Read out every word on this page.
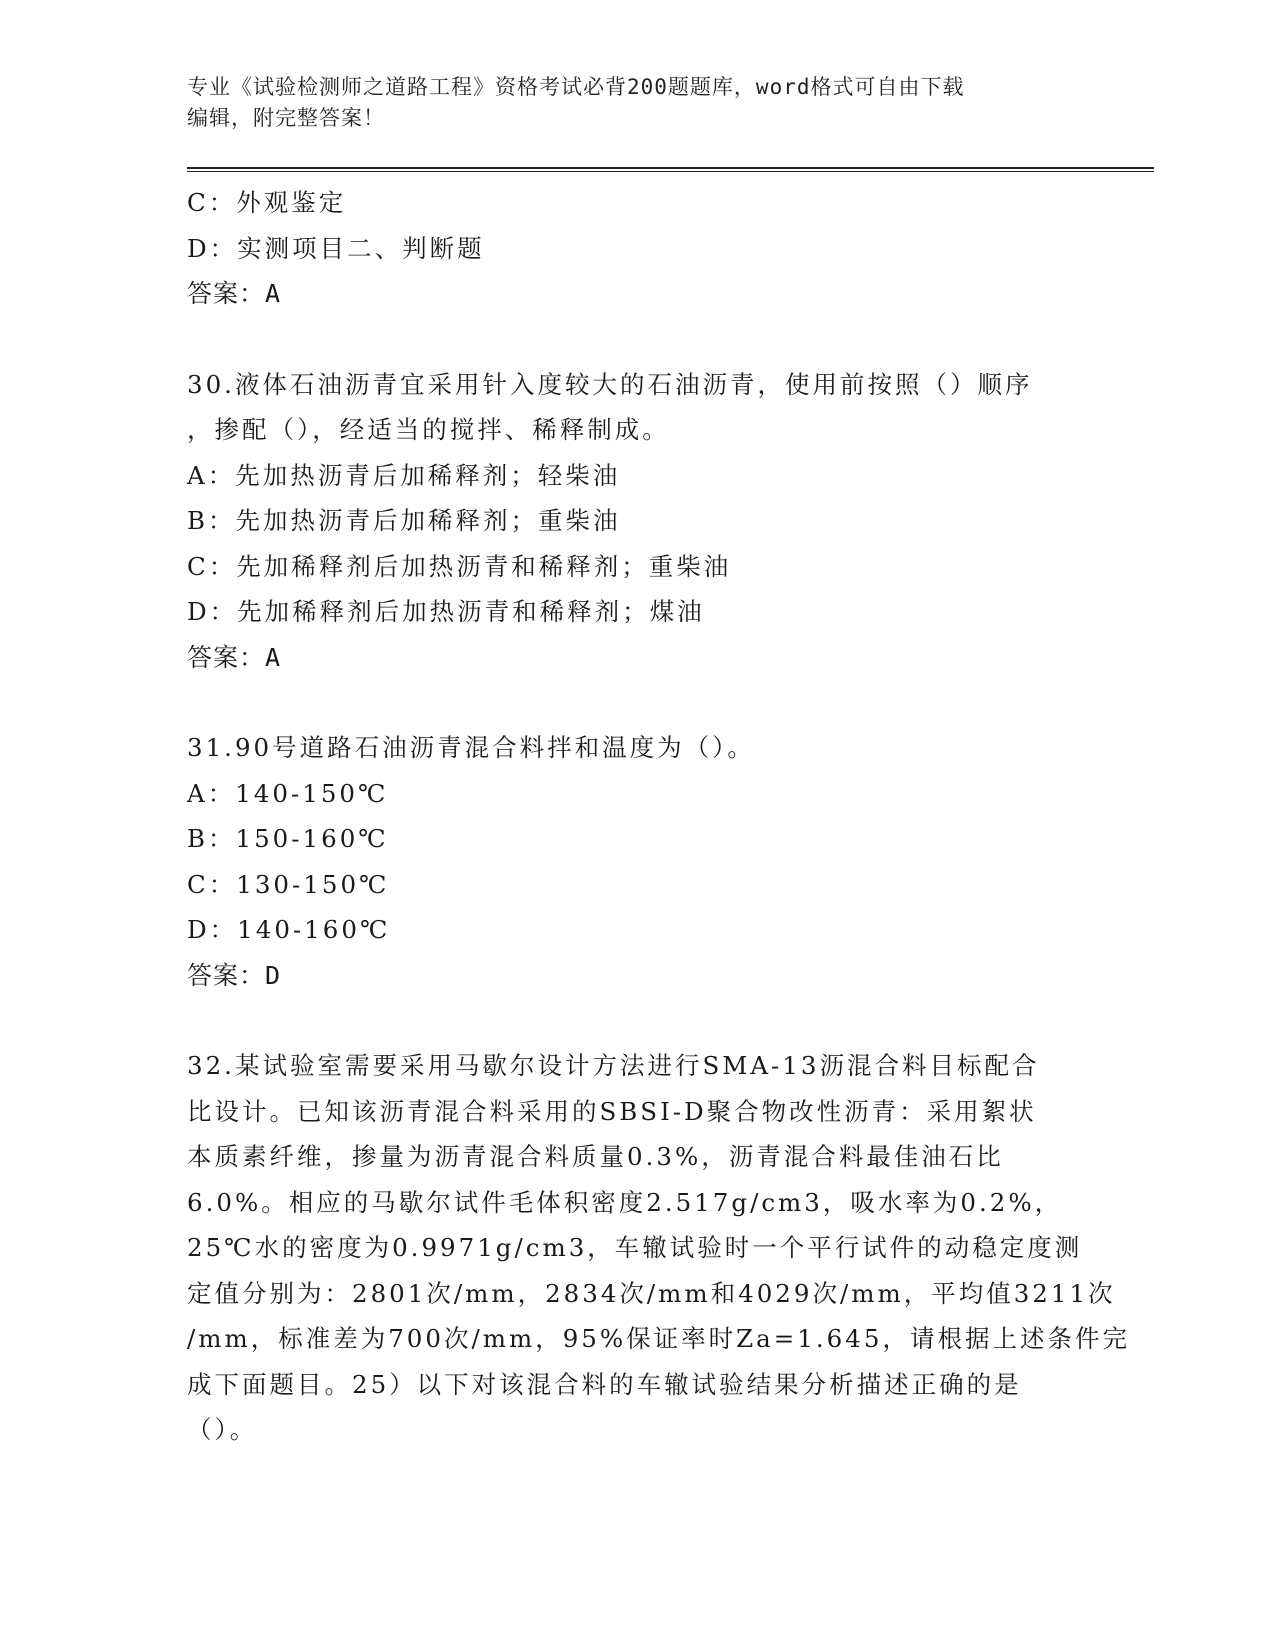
专业《试验检测师之道路工程》资格考试必背200题题库，word格式可自由下载
编辑，附完整答案！
C：外观鉴定
D：实测项目二、判断题
答案：A
30.液体石油沥青宜采用针入度较大的石油沥青，使用前按照（）顺序
，掺配（），经适当的搅拌、稀释制成。
A：先加热沥青后加稀释剂；轻柴油
B：先加热沥青后加稀释剂；重柴油
C：先加稀释剂后加热沥青和稀释剂；重柴油
D：先加稀释剂后加热沥青和稀释剂；煤油
答案：A
31.90号道路石油沥青混合料拌和温度为（）。
A：140-150℃
B：150-160℃
C：130-150℃
D：140-160℃
答案：D
32.某试验室需要采用马歇尔设计方法进行SMA-13沥混合料目标配合
比设计。已知该沥青混合料采用的SBSI-D聚合物改性沥青：采用絮状
本质素纤维，掺量为沥青混合料质量0.3%，沥青混合料最佳油石比
6.0%。相应的马歇尔试件毛体积密度2.517g/cm3，吸水率为0.2%，
25℃水的密度为0.9971g/cm3，车辙试验时一个平行试件的动稳定度测
定值分别为：2801次/mm，2834次/mm和4029次/mm，平均值3211次
/mm，标准差为700次/mm，95%保证率时Za=1.645，请根据上述条件完
成下面题目。25）以下对该混合料的车辙试验结果分析描述正确的是
（）。
